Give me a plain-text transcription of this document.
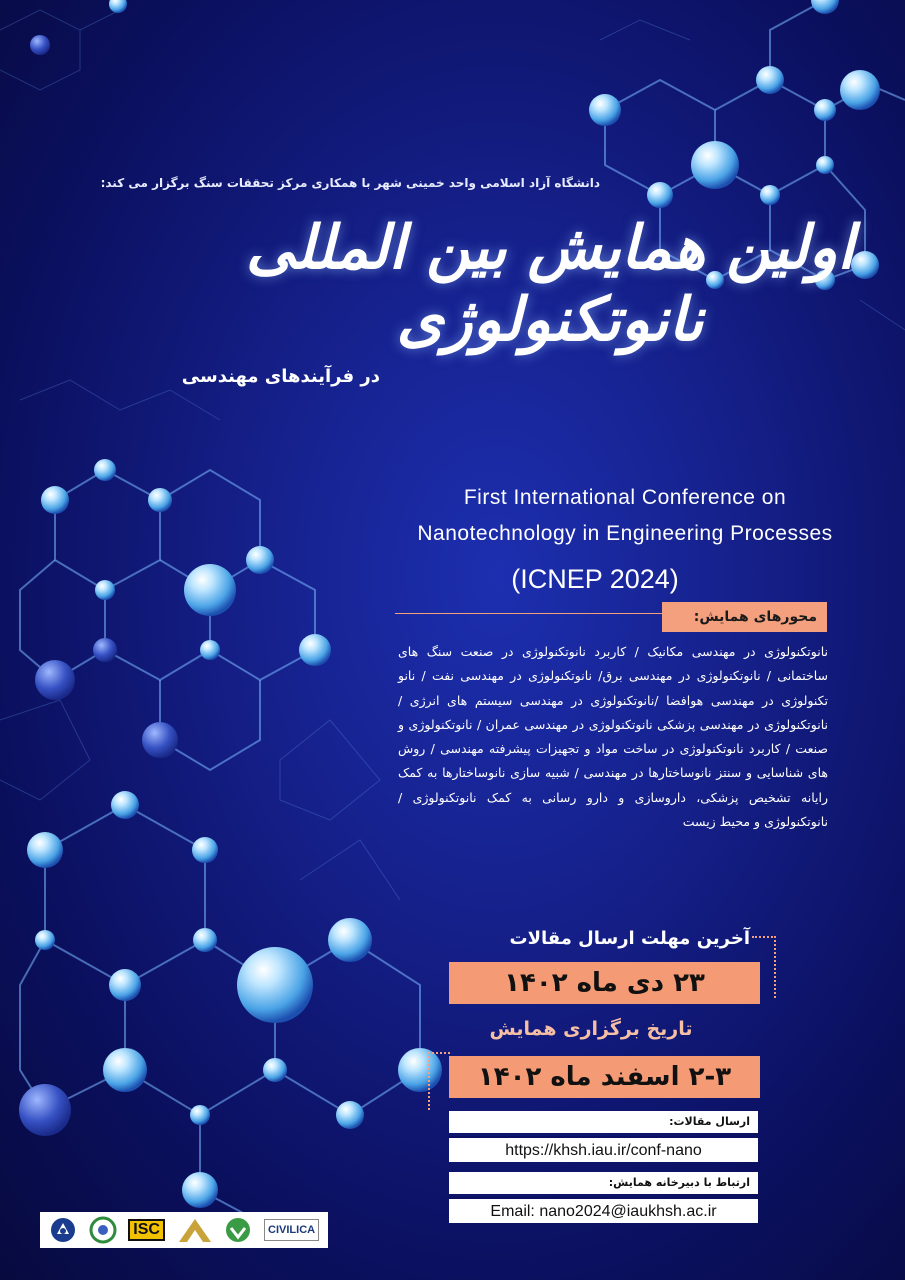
دانشگاه آزاد اسلامی واحد خمینی شهر با همکاری مرکز تحققات سنگ برگزار می کند:
اولین همایش بین المللی نانوتکنولوژی
در فرآیندهای مهندسی
First International Conference on
Nanotechnology in Engineering Processes
(ICNEP 2024)
محورهای همایش:
نانوتکنولوژی در مهندسی مکانیک / کاربرد نانوتکنولوژی در صنعت سنگ های ساختمانی / نانوتکنولوژی در مهندسی برق/ نانوتکنولوژی در مهندسی نفت / نانو تکنولوژی در مهندسی هوافضا /نانوتکنولوژی در مهندسی سیستم های انرژی / نانوتکنولوژی در مهندسی پزشکی نانوتکنولوژی در مهندسی عمران / نانوتکنولوژی و صنعت / کاربرد نانوتکنولوژی در ساخت مواد و تجهیزات پیشرفته مهندسی / روش های شناسایی و سنتز نانوساختارها در مهندسی / شبیه سازی نانوساختارها به کمک رایانه تشخیص پزشکی، داروسازی و دارو رسانی به کمک نانوتکنولوژی / نانوتکنولوژی و محیط زیست
آخرین مهلت ارسال مقالات
۲۳ دی ماه ۱۴۰۲
تاریخ برگزاری همایش
۲-۳ اسفند ماه ۱۴۰۲
ارسال مقالات:
https://khsh.iau.ir/conf-nano
ارتباط با دبیرخانه همایش:
Email: nano2024@iaukhsh.ac.ir
ISC	CIVILICA
